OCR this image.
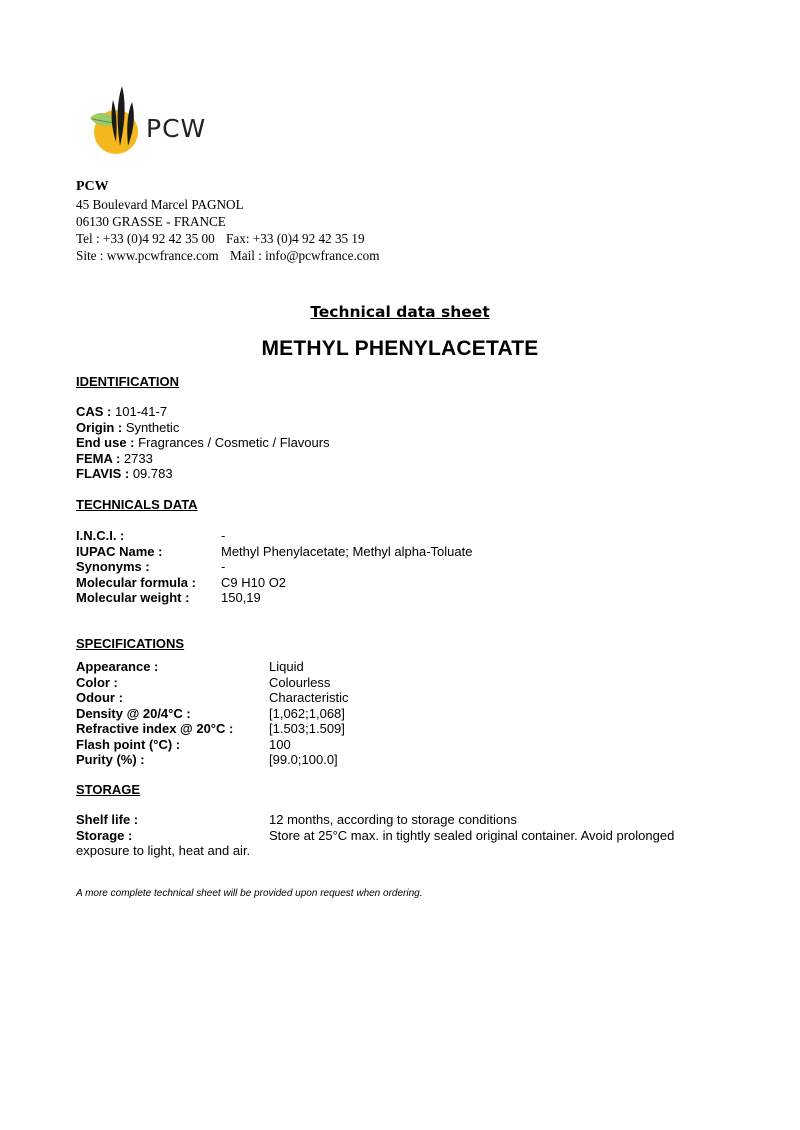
PCW
PCW
45 Boulevard Marcel PAGNOL
06130 GRASSE - FRANCE
Tel : +33 (0)4 92 42 35 00 Fax: +33 (0)4 92 42 35 19
Site : www.pcwfrance.com Mail : info@pcwfrance.com
Technical data sheet
METHYL PHENYLACETATE
IDENTIFICATION
CAS : 101-41-7
Origin : Synthetic
End use : Fragrances / Cosmetic / Flavours
FEMA : 2733
FLAVIS : 09.783
TECHNICALS DATA
I.N.C.I. :	-
IUPAC Name :	Methyl Phenylacetate; Methyl alpha-Toluate
Synonyms :	-
Molecular formula : C9 H10 O2
Molecular weight : 150,19
SPECIFICATIONS
Appearance :	Liquid
Color :	Colourless
Odour :	Characteristic
Density @ 20/4°C :	[1,062;1,068]
Refractive index @ 20°C :	[1.503;1.509]
Flash point (°C) :	100
Purity (%) :	[99.0;100.0]
STORAGE
Shelf life :	12 months, according to storage conditions
Storage :	Store at 25°C max. in tightly sealed original container. Avoid prolonged
exposure to light, heat and air.
A more complete technical sheet will be provided upon request when ordering.
